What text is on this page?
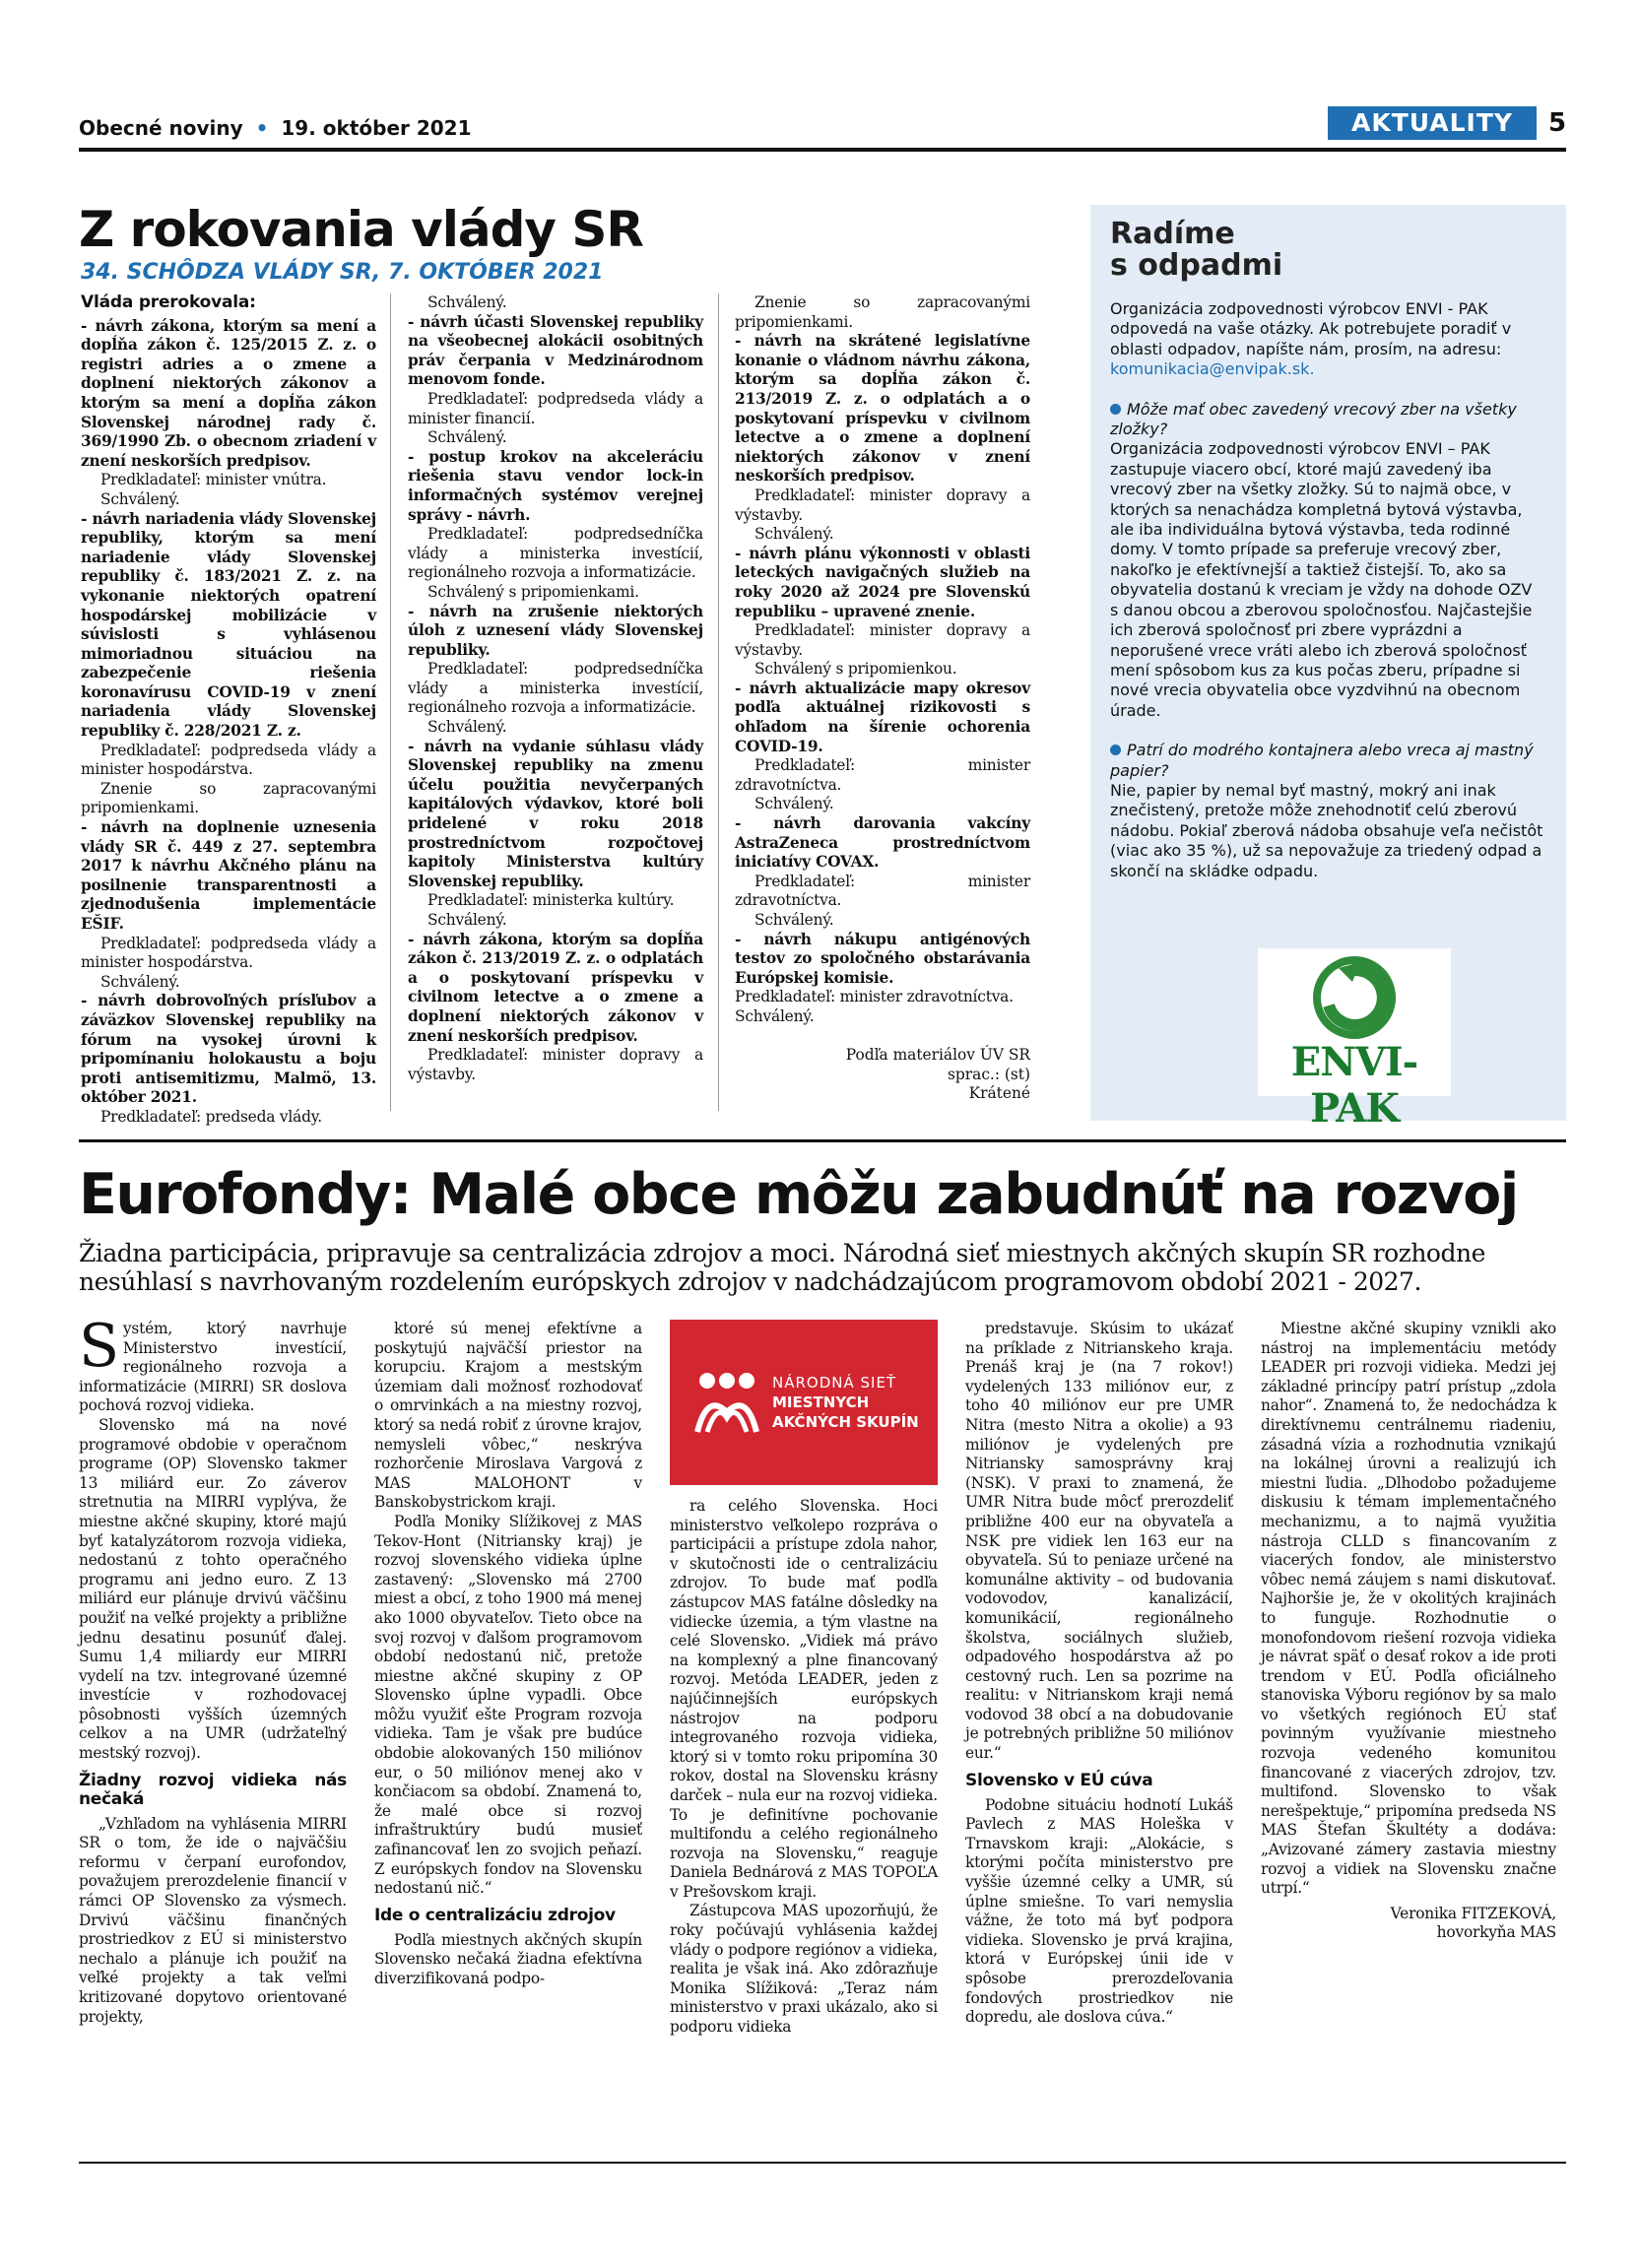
Obecné noviny • 19. október 2021	AKTUALITY	5
Z rokovania vlády SR
34. SCHÔDZA VLÁDY SR, 7. OKTÓBER 2021

Vláda prerokovala:

- návrh zákona, ktorým sa mení a dopĺňa zákon č. 125/2015 Z. z. o registri adries a o zmene a doplnení niektorých zákonov a ktorým sa mení a dopĺňa zákon Slovenskej národnej rady č. 369/1990 Zb. o obecnom zriadení v znení neskorších predpisov.

Predkladateľ: minister vnútra.

Schválený.

- návrh nariadenia vlády Slovenskej republiky, ktorým sa mení nariadenie vlády Slovenskej republiky č. 183/2021 Z. z. na vykonanie niektorých opatrení hospodárskej mobilizácie v súvislosti s vyhlásenou mimoriadnou situáciou na zabezpečenie riešenia koronavírusu COVID-19 v znení nariadenia vlády Slovenskej republiky č. 228/2021 Z. z.

Predkladateľ: podpredseda vlády a minister hospodárstva.

Znenie so zapracovanými pripomienkami.

- návrh na doplnenie uznesenia vlády SR č. 449 z 27. septembra 2017 k návrhu Akčného plánu na posilnenie transparentnosti a zjednodušenia implementácie EŠIF.

Predkladateľ: podpredseda vlády a minister hospodárstva.

Schválený.

- návrh dobrovoľných prísľubov a záväzkov Slovenskej republiky na fórum na vysokej úrovni k pripomínaniu holokaustu a boju proti antisemitizmu, Malmö, 13. október 2021.

Predkladateľ: predseda vlády.

Schválený.

- návrh účasti Slovenskej republiky na všeobecnej alokácii osobitných práv čerpania v Medzinárodnom menovom fonde.

Predkladateľ: podpredseda vlády a minister financií.

Schválený.

- postup krokov na akceleráciu riešenia stavu vendor lock-in informačných systémov verejnej správy - návrh.

Predkladateľ: podpredsedníčka vlády a ministerka investícií, regionálneho rozvoja a informatizácie.

Schválený s pripomienkami.

- návrh na zrušenie niektorých úloh z uznesení vlády Slovenskej republiky.

Predkladateľ: podpredsedníčka vlády a ministerka investícií, regionálneho rozvoja a informatizácie.

Schválený.

- návrh na vydanie súhlasu vlády Slovenskej republiky na zmenu účelu použitia nevyčerpaných kapitálových výdavkov, ktoré boli pridelené v roku 2018 prostredníctvom rozpočtovej kapitoly Ministerstva kultúry Slovenskej republiky.

Predkladateľ: ministerka kultúry.

Schválený.

- návrh zákona, ktorým sa dopĺňa zákon č. 213/2019 Z. z. o odplatách a o poskytovaní príspevku v civilnom letectve a o zmene a doplnení niektorých zákonov v znení neskorších predpisov.

Predkladateľ: minister dopravy a výstavby.

Znenie so zapracovanými pripomienkami.

- návrh na skrátené legislatívne konanie o vládnom návrhu zákona, ktorým sa dopĺňa zákon č. 213/2019 Z. z. o odplatách a o poskytovaní príspevku v civilnom letectve a o zmene a doplnení niektorých zákonov v znení neskorších predpisov.

Predkladateľ: minister dopravy a výstavby.

Schválený.

- návrh plánu výkonnosti v oblasti leteckých navigačných služieb na roky 2020 až 2024 pre Slovenskú republiku – upravené znenie.

Predkladateľ: minister dopravy a výstavby.

Schválený s pripomienkou.

- návrh aktualizácie mapy okresov podľa aktuálnej rizikovosti s ohľadom na šírenie ochorenia COVID-19.

Predkladateľ: minister zdravotníctva.

Schválený.

- návrh darovania vakcíny AstraZeneca prostredníctvom iniciatívy COVAX.

Predkladateľ: minister zdravotníctva.

Schválený.

- návrh nákupu antigénových testov zo spoločného obstarávania Európskej komisie.

Predkladateľ: minister zdravotníctva.

Schválený.

Podľa materiálov ÚV SR
sprac.: (st)
Krátené
Radíme
s odpadmi

Organizácia zodpovednosti výrobcov ENVI - PAK odpovedá na vaše otázky. Ak potrebujete poradiť v oblasti odpadov, napíšte nám, prosím, na adresu:

komunikacia@envipak.sk.

Môže mať obec zavedený vrecový zber na všetky zložky?

Organizácia zodpovednosti výrobcov ENVI – PAK zastupuje viacero obcí, ktoré majú zavedený iba vrecový zber na všetky zložky. Sú to najmä obce, v ktorých sa nenachádza kompletná bytová výstavba, ale iba individuálna bytová výstavba, teda rodinné domy. V tomto prípade sa preferuje vrecový zber, nakoľko je efektívnejší a taktiež čistejší. To, ako sa obyvatelia dostanú k vreciam je vždy na dohode OZV s danou obcou a zberovou spoločnosťou. Najčastejšie ich zberová spoločnosť pri zbere vyprázdni a neporušené vrece vráti alebo ich zberová spoločnosť mení spôsobom kus za kus počas zberu, prípadne si nové vrecia obyvatelia obce vyzdvihnú na obecnom úrade.

Patrí do modrého kontajnera alebo vreca aj mastný papier?

Nie, papier by nemal byť mastný, mokrý ani inak znečistený, pretože môže znehodnotiť celú zberovú nádobu. Pokiaľ zberová nádoba obsahuje veľa nečistôt (viac ako 35 %), už sa nepovažuje za triedený odpad a skončí na skládke odpadu.

ENVI-PAK
Eurofondy: Malé obce môžu zabudnúť na rozvoj
Žiadna participácia, pripravuje sa centralizácia zdrojov a moci. Národná sieť miestnych akčných skupín SR rozhodne nesúhlasí s navrhovaným rozdelením európskych zdrojov v nadchádzajúcom programovom období 2021 - 2027.
S ystém, ktorý navrhuje Ministerstvo investícií, regionálneho rozvoja a informatizácie (MIRRI) SR doslova pochová rozvoj vidieka.

Slovensko má na nové programové obdobie v operačnom programe (OP) Slovensko takmer 13 miliárd eur. Zo záverov stretnutia na MIRRI vyplýva, že miestne akčné skupiny, ktoré majú byť katalyzátorom rozvoja vidieka, nedostanú z tohto operačného programu ani jedno euro. Z 13 miliárd eur plánuje drvivú väčšinu použiť na veľké projekty a približne jednu desatinu posunúť ďalej. Sumu 1,4 miliardy eur MIRRI vydelí na tzv. integrované územné investície v rozhodovacej pôsobnosti vyšších územných celkov a na UMR (udržateľný mestský rozvoj).

Žiadny rozvoj vidieka nás nečaká

„Vzhľadom na vyhlásenia MIRRI SR o tom, že ide o najväčšiu reformu v čerpaní eurofondov, považujem prerozdelenie financií v rámci OP Slovensko za výsmech. Drvivú väčšinu finančných prostriedkov z EÚ si ministerstvo nechalo a plánuje ich použiť na veľké projekty a tak veľmi kritizované dopytovo orientované projekty,

ktoré sú menej efektívne a poskytujú najväčší priestor na korupciu. Krajom a mestským územiam dali možnosť rozhodovať o omrvinkách a na miestny rozvoj, ktorý sa nedá robiť z úrovne krajov, nemysleli vôbec,“ neskrýva rozhorčenie Miroslava Vargová z MAS MALOHONT v Banskobystrickom kraji.

Podľa Moniky Slížikovej z MAS Tekov-Hont (Nitriansky kraj) je rozvoj slovenského vidieka úplne zastavený: „Slovensko má 2700 miest a obcí, z toho 1900 má menej ako 1000 obyvateľov. Tieto obce na svoj rozvoj v ďalšom programovom období nedostanú nič, pretože miestne akčné skupiny z OP Slovensko úplne vypadli. Obce môžu využiť ešte Program rozvoja vidieka. Tam je však pre budúce obdobie alokovaných 150 miliónov eur, o 50 miliónov menej ako v končiacom sa období. Znamená to, že malé obce si rozvoj infraštruktúry budú musieť zafinancovať len zo svojich peňazí. Z európskych fondov na Slovensku nedostanú nič.“

Ide o centralizáciu zdrojov

Podľa miestnych akčných skupín Slovensko nečaká žiadna efektívna diverzifikovaná podpo-

NÁRODNÁ SIEŤ
MIESTNYCH
AKČNÝCH SKUPÍN

ra celého Slovenska. Hoci ministerstvo veľkolepo rozpráva o participácii a prístupe zdola nahor, v skutočnosti ide o centralizáciu zdrojov. To bude mať podľa zástupcov MAS fatálne dôsledky na vidiecke územia, a tým vlastne na celé Slovensko. „Vidiek má právo na komplexný a plne financovaný rozvoj. Metóda LEADER, jeden z najúčinnejších európskych nástrojov na podporu integrovaného rozvoja vidieka, ktorý si v tomto roku pripomína 30 rokov, dostal na Slovensku krásny darček – nula eur na rozvoj vidieka. To je definitívne pochovanie multifondu a celého regionálneho rozvoja na Slovensku,“ reaguje Daniela Bednárová z MAS TOPOĽA v Prešovskom kraji.

Zástupcova MAS upozorňujú, že roky počúvajú vyhlásenia každej vlády o podpore regiónov a vidieka, realita je však iná. Ako zdôrazňuje Monika Slížiková: „Teraz nám ministerstvo v praxi ukázalo, ako si podporu vidieka

predstavuje. Skúsim to ukázať na príklade z Nitrianskeho kraja. Prenáš kraj je (na 7 rokov!) vydelených 133 miliónov eur, z toho 40 miliónov eur pre UMR Nitra (mesto Nitra a okolie) a 93 miliónov je vydelených pre Nitriansky samosprávny kraj (NSK). V praxi to znamená, že UMR Nitra bude môcť prerozdeliť približne 400 eur na obyvateľa a NSK pre vidiek len 163 eur na obyvateľa. Sú to peniaze určené na komunálne aktivity – od budovania vodovodov, kanalizácií, komunikácií, regionálneho školstva, sociálnych služieb, odpadového hospodárstva až po cestovný ruch. Len sa pozrime na realitu: v Nitrianskom kraji nemá vodovod 38 obcí a na dobudovanie je potrebných približne 50 miliónov eur.“

Slovensko v EÚ cúva

Podobne situáciu hodnotí Lukáš Pavlech z MAS Holeška v Trnavskom kraji: „Alokácie, s ktorými počíta ministerstvo pre vyššie územné celky a UMR, sú úplne smiešne. To vari nemyslia vážne, že toto má byť podpora vidieka. Slovensko je prvá krajina, ktorá v Európskej únii ide v spôsobe prerozdeľovania fondových prostriedkov nie dopredu, ale doslova cúva.“

Miestne akčné skupiny vznikli ako nástroj na implementáciu metódy LEADER pri rozvoji vidieka. Medzi jej základné princípy patrí prístup „zdola nahor“. Znamená to, že nedochádza k direktívnemu centrálnemu riadeniu, zásadná vízia a rozhodnutia vznikajú na lokálnej úrovni a realizujú ich miestni ľudia. „Dlhodobo požadujeme diskusiu k témam implementačného mechanizmu, a to najmä využitia nástroja CLLD s financovaním z viacerých fondov, ale ministerstvo vôbec nemá záujem s nami diskutovať. Najhoršie je, že v okolitých krajinách to funguje. Rozhodnutie o monofondovom riešení rozvoja vidieka je návrat späť o desať rokov a ide proti trendom v EÚ. Podľa oficiálneho stanoviska Výboru regiónov by sa malo vo všetkých regiónoch EÚ stať povinným využívanie miestneho rozvoja vedeného komunitou financované z viacerých zdrojov, tzv. multifond. Slovensko to však nerešpektuje,“ pripomína predseda NS MAS Štefan Škultéty a dodáva: „Avizované zámery zastavia miestny rozvoj a vidiek na Slovensku značne utrpí.“

Veronika FITZEKOVÁ,
hovorkyňa MAS
